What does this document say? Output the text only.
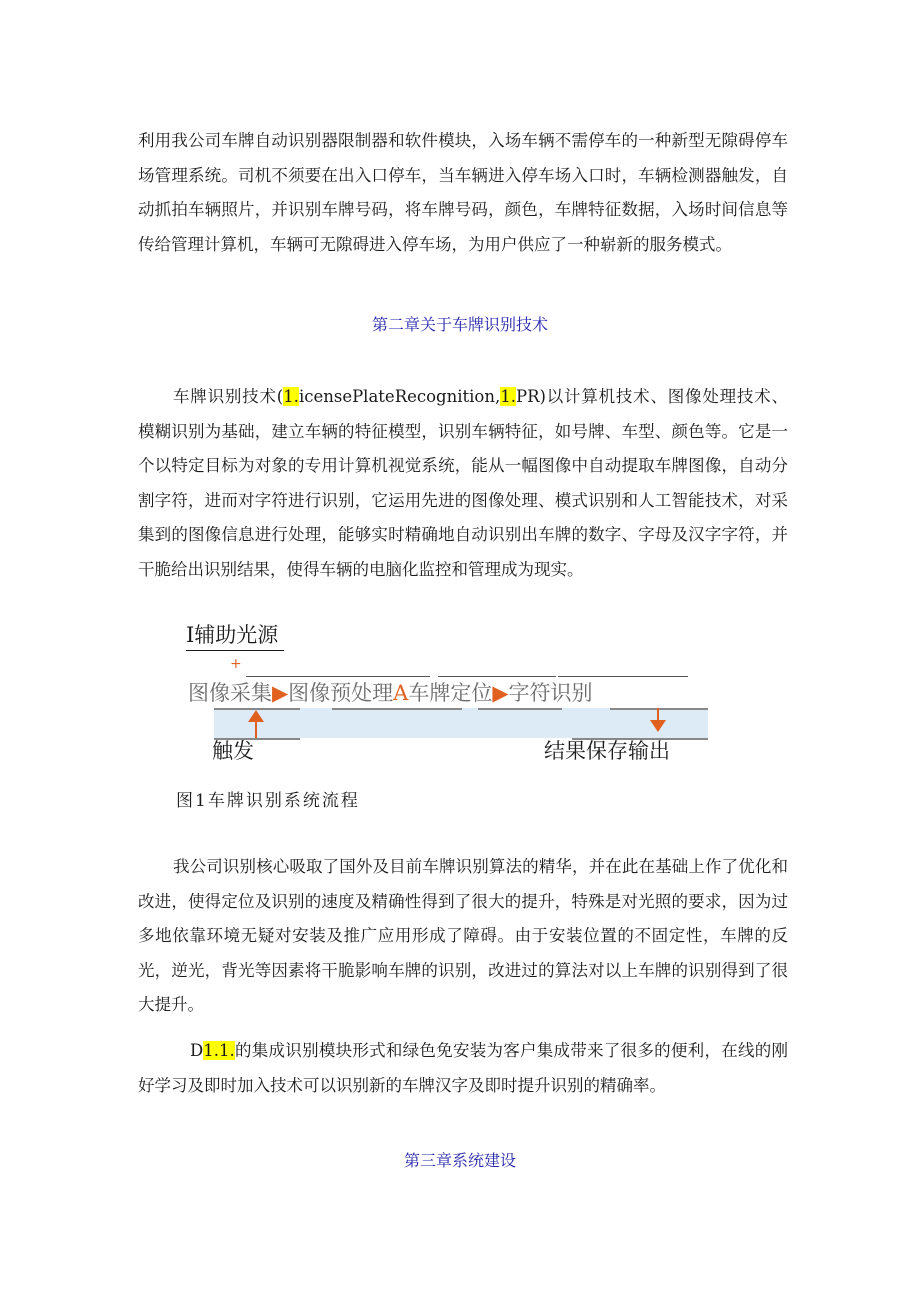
利用我公司车牌自动识别器限制器和软件模块，入场车辆不需停车的一种新型无隙碍停车场管理系统。司机不须要在出入口停车，当车辆进入停车场入口时，车辆检测器触发，自动抓拍车辆照片，并识别车牌号码，将车牌号码，颜色，车牌特征数据，入场时间信息等传给管理计算机，车辆可无隙碍进入停车场，为用户供应了一种崭新的服务模式。

第二章关于车牌识别技术

车牌识别技术(1.icensePlateRecognition,1.PR)以计算机技术、图像处理技术、模糊识别为基础，建立车辆的特征模型，识别车辆特征，如号牌、车型、颜色等。它是一个以特定目标为对象的专用计算机视觉系统，能从一幅图像中自动提取车牌图像，自动分割字符，进而对字符进行识别，它运用先进的图像处理、模式识别和人工智能技术，对采集到的图像信息进行处理，能够实时精确地自动识别出车牌的数字、字母及汉字字符，并干脆给出识别结果，使得车辆的电脑化监控和管理成为现实。

I辅助光源
+
图像采集▶图像预处理A车牌定位▶字符识别
触发	结果保存输出

图1车牌识别系统流程

我公司识别核心吸取了国外及目前车牌识别算法的精华，并在此在基础上作了优化和改进，使得定位及识别的速度及精确性得到了很大的提升，特殊是对光照的要求，因为过多地依靠环境无疑对安装及推广应用形成了障碍。由于安装位置的不固定性，车牌的反光，逆光，背光等因素将干脆影响车牌的识别，改进过的算法对以上车牌的识别得到了很大提升。

D1.1.的集成识别模块形式和绿色免安装为客户集成带来了很多的便利，在线的刚好学习及即时加入技术可以识别新的车牌汉字及即时提升识别的精确率。

第三章系统建设
